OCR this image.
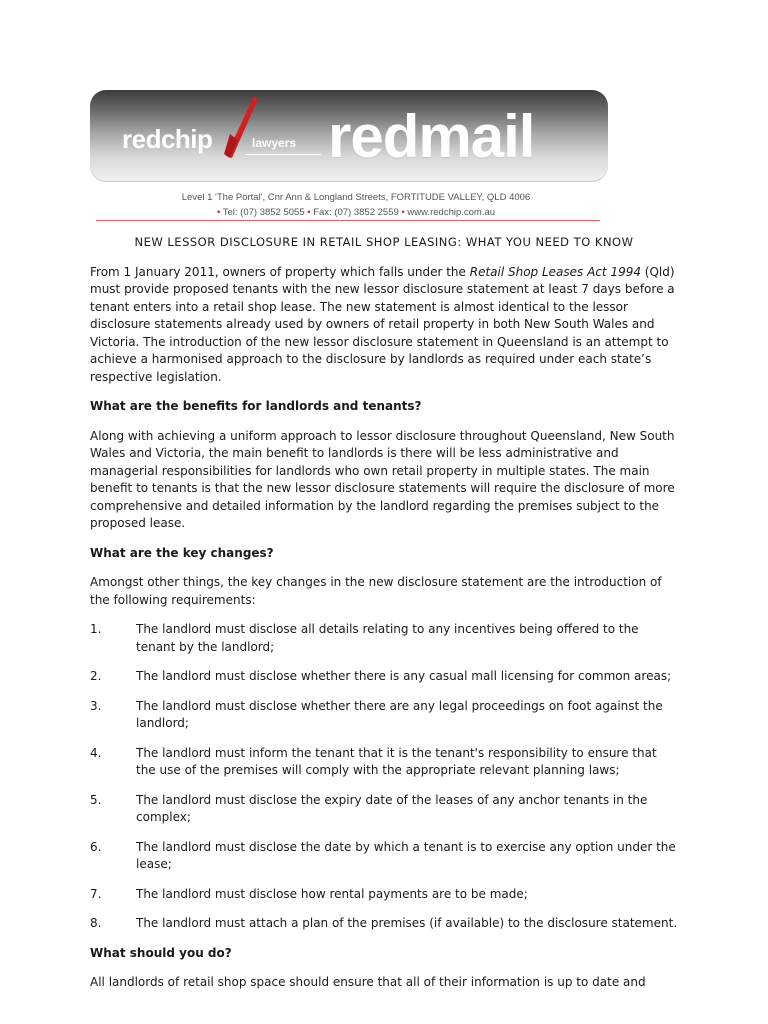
redchip	lawyers redmail
Level 1 'The Portal', Cnr Ann & Longland Streets, FORTITUDE VALLEY, QLD 4006
• Tel: (07) 3852 5055 • Fax: (07) 3852 2559 • www.redchip.com.au
NEW LESSOR DISCLOSURE IN RETAIL SHOP LEASING: WHAT YOU NEED TO KNOW

From 1 January 2011, owners of property which falls under the Retail Shop Leases Act 1994 (Qld) must provide proposed tenants with the new lessor disclosure statement at least 7 days before a tenant enters into a retail shop lease. The new statement is almost identical to the lessor disclosure statements already used by owners of retail property in both New South Wales and Victoria. The introduction of the new lessor disclosure statement in Queensland is an attempt to achieve a harmonised approach to the disclosure by landlords as required under each state’s respective legislation.

What are the benefits for landlords and tenants?

Along with achieving a uniform approach to lessor disclosure throughout Queensland, New South Wales and Victoria, the main benefit to landlords is there will be less administrative and managerial responsibilities for landlords who own retail property in multiple states. The main benefit to tenants is that the new lessor disclosure statements will require the disclosure of more comprehensive and detailed information by the landlord regarding the premises subject to the proposed lease.

What are the key changes?

Amongst other things, the key changes in the new disclosure statement are the introduction of the following requirements:

1.	The landlord must disclose all details relating to any incentives being offered to the tenant by the landlord;
2.	The landlord must disclose whether there is any casual mall licensing for common areas;
3.	The landlord must disclose whether there are any legal proceedings on foot against the landlord;
4.	The landlord must inform the tenant that it is the tenant's responsibility to ensure that the use of the premises will comply with the appropriate relevant planning laws;
5.	The landlord must disclose the expiry date of the leases of any anchor tenants in the complex;
6.	The landlord must disclose the date by which a tenant is to exercise any option under the lease;
7.	The landlord must disclose how rental payments are to be made;
8.	The landlord must attach a plan of the premises (if available) to the disclosure statement.
What should you do?

All landlords of retail shop space should ensure that all of their information is up to date and
